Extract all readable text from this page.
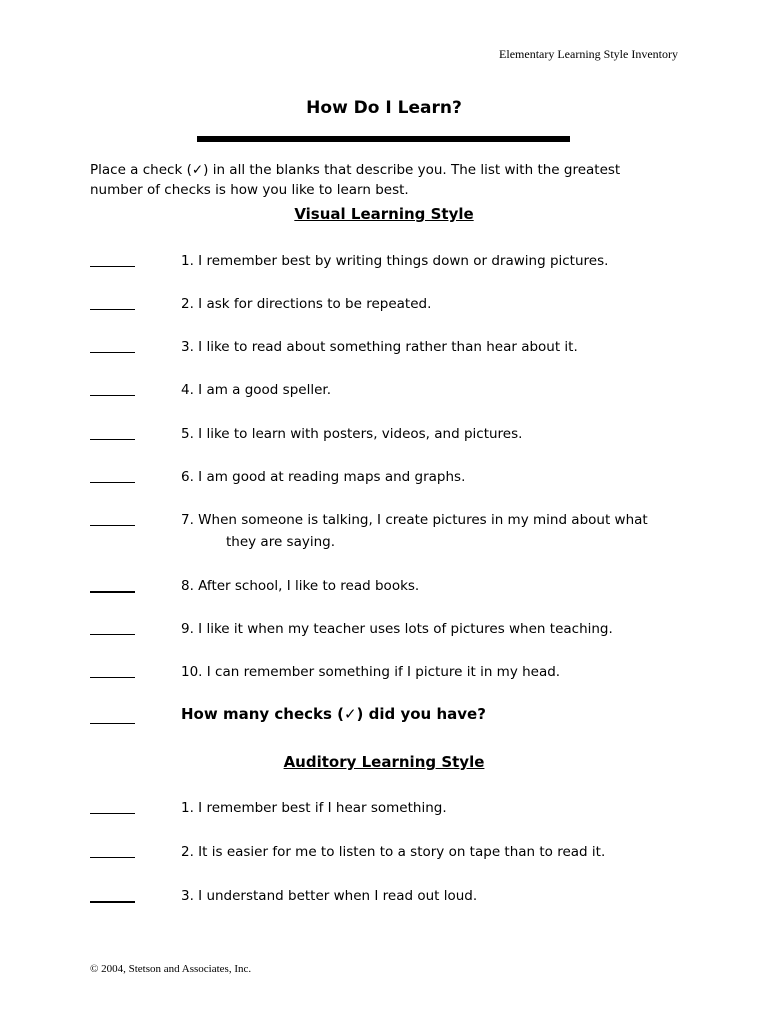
Elementary Learning Style Inventory
How Do I Learn?
Place a check (✓) in all the blanks that describe you. The list with the greatest
number of checks is how you like to learn best.
Visual Learning Style
1. I remember best by writing things down or drawing pictures.
2. I ask for directions to be repeated.
3. I like to read about something rather than hear about it.
4. I am a good speller.
5. I like to learn with posters, videos, and pictures.
6. I am good at reading maps and graphs.
7. When someone is talking, I create pictures in my mind about what
they are saying.
8. After school, I like to read books.
9. I like it when my teacher uses lots of pictures when teaching.
10. I can remember something if I picture it in my head.
How many checks (✓) did you have?
Auditory Learning Style
1. I remember best if I hear something.
2. It is easier for me to listen to a story on tape than to read it.
3. I understand better when I read out loud.
© 2004, Stetson and Associates, Inc.
